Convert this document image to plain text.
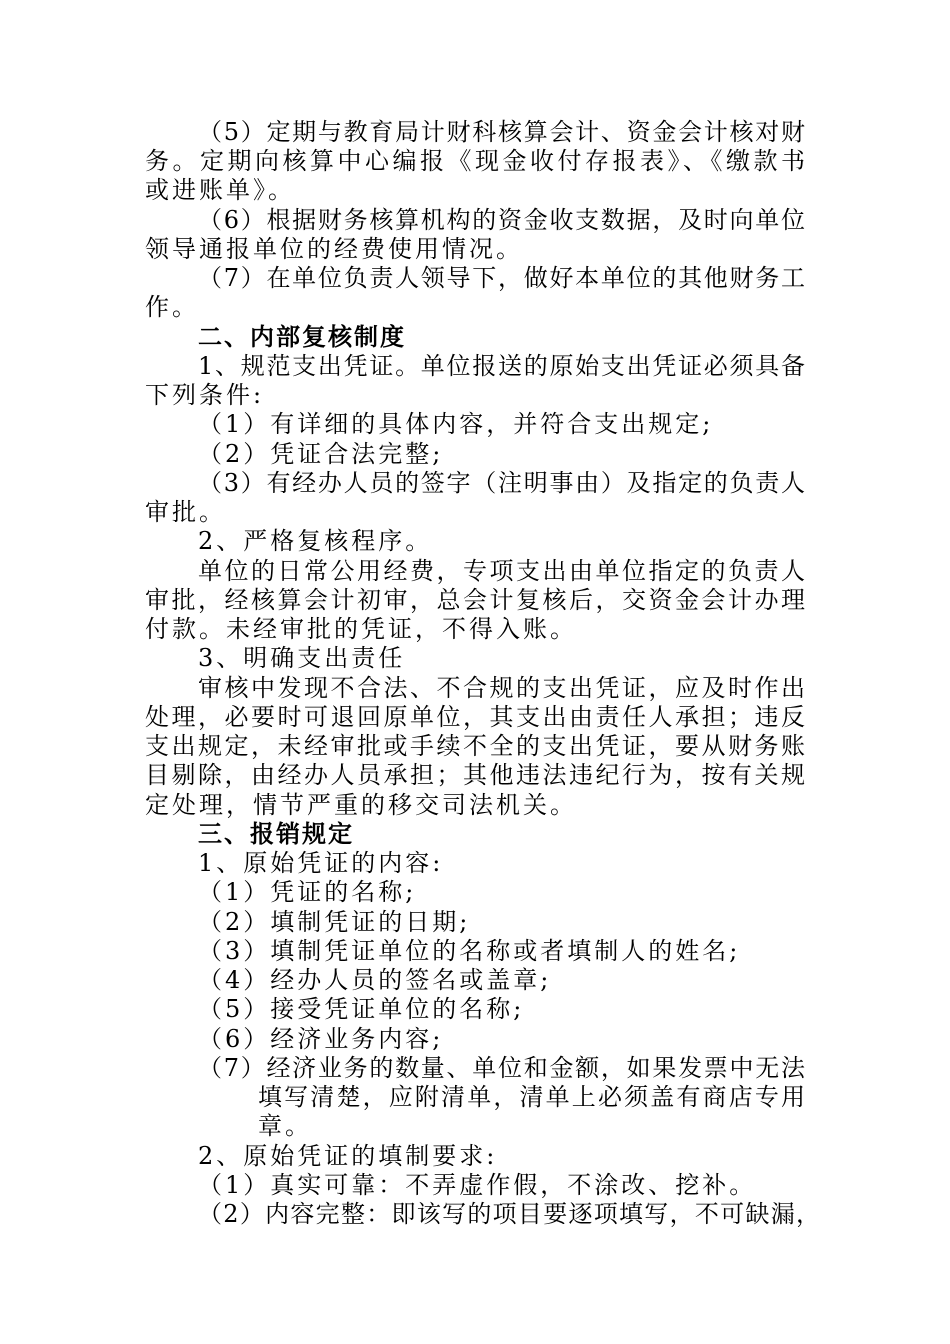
（5）定期与教育局计财科核算会计、资金会计核对财
务。定期向核算中心编报《现金收付存报表》、《缴款书
或进账单》。
（6）根据财务核算机构的资金收支数据，及时向单位
领导通报单位的经费使用情况。
（7）在单位负责人领导下，做好本单位的其他财务工
作。
二、内部复核制度
1、规范支出凭证。单位报送的原始支出凭证必须具备
下列条件:
（1）有详细的具体内容，并符合支出规定;
（2）凭证合法完整;
（3）有经办人员的签字（注明事由）及指定的负责人
审批。
2、严格复核程序。
单位的日常公用经费，专项支出由单位指定的负责人
审批，经核算会计初审，总会计复核后，交资金会计办理
付款。未经审批的凭证，不得入账。
3、明确支出责任
审核中发现不合法、不合规的支出凭证，应及时作出
处理，必要时可退回原单位，其支出由责任人承担；违反
支出规定，未经审批或手续不全的支出凭证，要从财务账
目剔除，由经办人员承担；其他违法违纪行为，按有关规
定处理，情节严重的移交司法机关。
三、报销规定
1、原始凭证的内容:
（1）凭证的名称;
（2）填制凭证的日期;
（3）填制凭证单位的名称或者填制人的姓名;
（4）经办人员的签名或盖章;
（5）接受凭证单位的名称;
（6）经济业务内容;
（7）经济业务的数量、单位和金额，如果发票中无法
填写清楚，应附清单，清单上必须盖有商店专用
章。
2、原始凭证的填制要求:
（1）真实可靠：不弄虚作假，不涂改、挖补。
（2）内容完整：即该写的项目要逐项填写，不可缺漏，
